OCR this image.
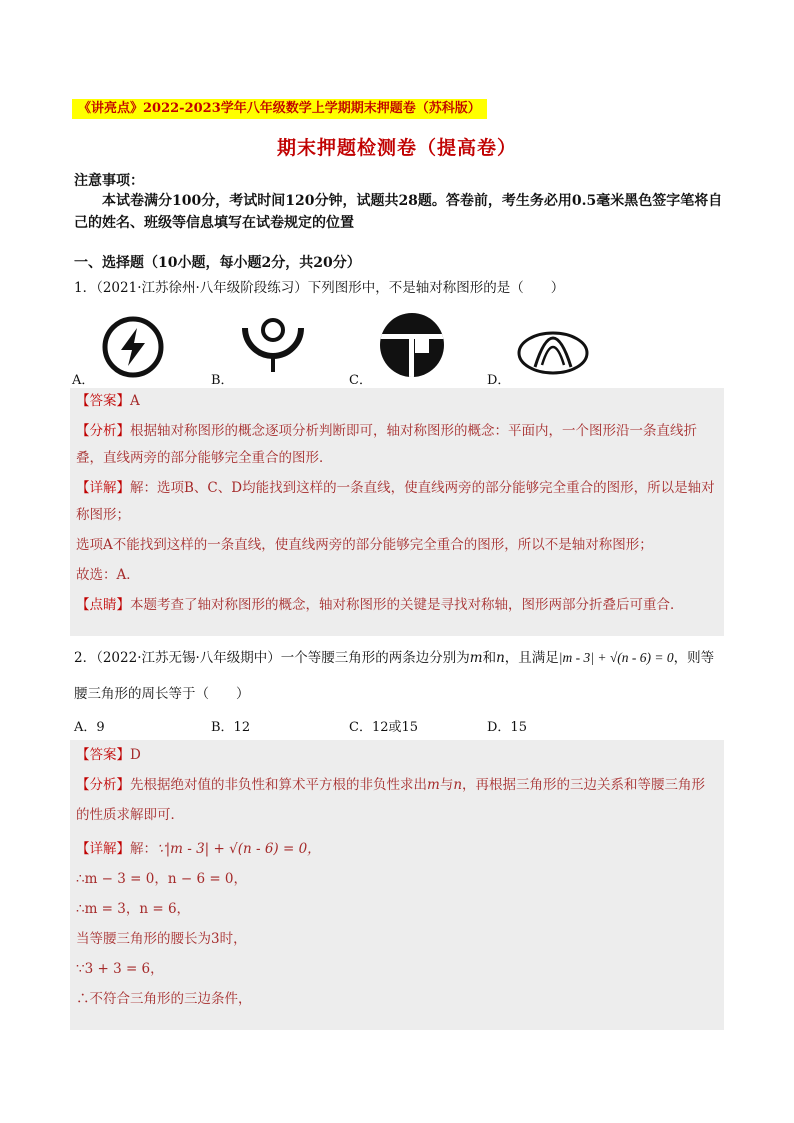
《讲亮点》2022-2023学年八年级数学上学期期末押题卷（苏科版）
期末押题检测卷（提高卷）
注意事项：
本试卷满分100分，考试时间120分钟，试题共28题。答卷前，考生务必用0.5毫米黑色签字笔将自己的姓名、班级等信息填写在试卷规定的位置
一、选择题（10小题，每小题2分，共20分）
1．（2021·江苏徐州·八年级阶段练习）下列图形中，不是轴对称图形的是（　　）
A．	B．	C．	D．
【答案】A
【分析】根据轴对称图形的概念逐项分析判断即可，轴对称图形的概念：平面内，一个图形沿一条直线折叠，直线两旁的部分能够完全重合的图形．
【详解】解：选项B、C、D均能找到这样的一条直线，使直线两旁的部分能够完全重合的图形，所以是轴对称图形；
选项A不能找到这样的一条直线，使直线两旁的部分能够完全重合的图形，所以不是轴对称图形；
故选：A．
【点睛】本题考查了轴对称图形的概念，轴对称图形的关键是寻找对称轴，图形两部分折叠后可重合．
2．（2022·江苏无锡·八年级期中）一个等腰三角形的两条边分别为m和n，且满足|m - 3| + √(n - 6) = 0，则等
腰三角形的周长等于（　　）
A．9	B．12	C．12或15	D．15
【答案】D
【分析】先根据绝对值的非负性和算术平方根的非负性求出m与n，再根据三角形的三边关系和等腰三角形的性质求解即可．
【详解】解：∵|m - 3| + √(n - 6) = 0，
∴m − 3 = 0，n − 6 = 0，
∴m = 3，n = 6，
当等腰三角形的腰长为3时，
∵3 + 3 = 6，
∴不符合三角形的三边条件，
